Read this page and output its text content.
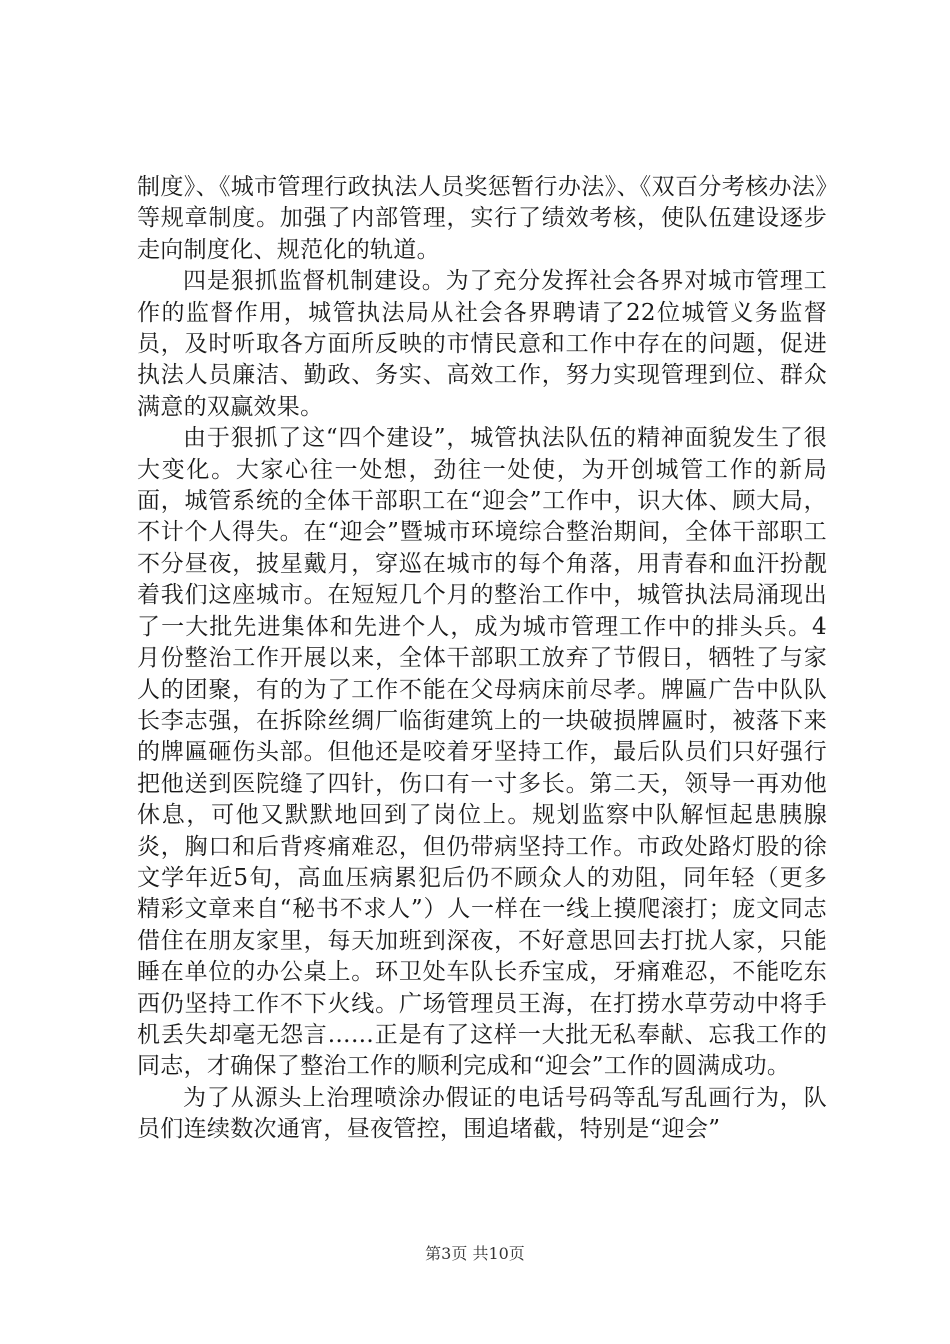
制度》、《城市管理行政执法人员奖惩暂行办法》、《双百分考核办法》等规章制度。加强了内部管理，实行了绩效考核，使队伍建设逐步走向制度化、规范化的轨道。

四是狠抓监督机制建设。为了充分发挥社会各界对城市管理工作的监督作用，城管执法局从社会各界聘请了22位城管义务监督员，及时听取各方面所反映的市情民意和工作中存在的问题，促进执法人员廉洁、勤政、务实、高效工作，努力实现管理到位、群众满意的双赢效果。

由于狠抓了这“四个建设”，城管执法队伍的精神面貌发生了很大变化。大家心往一处想，劲往一处使，为开创城管工作的新局面，城管系统的全体干部职工在“迎会”工作中，识大体、顾大局，不计个人得失。在“迎会”暨城市环境综合整治期间，全体干部职工不分昼夜，披星戴月，穿巡在城市的每个角落，用青春和血汗扮靓着我们这座城市。在短短几个月的整治工作中，城管执法局涌现出了一大批先进集体和先进个人，成为城市管理工作中的排头兵。4月份整治工作开展以来，全体干部职工放弃了节假日，牺牲了与家人的团聚，有的为了工作不能在父母病床前尽孝。牌匾广告中队队长李志强，在拆除丝绸厂临街建筑上的一块破损牌匾时，被落下来的牌匾砸伤头部。但他还是咬着牙坚持工作，最后队员们只好强行把他送到医院缝了四针，伤口有一寸多长。第二天，领导一再劝他休息，可他又默默地回到了岗位上。规划监察中队解恒起患胰腺炎，胸口和后背疼痛难忍，但仍带病坚持工作。市政处路灯股的徐文学年近5旬，高血压病累犯后仍不顾众人的劝阻，同年轻（更多精彩文章来自“秘书不求人”）人一样在一线上摸爬滚打；庞文同志借住在朋友家里，每天加班到深夜，不好意思回去打扰人家，只能睡在单位的办公桌上。环卫处车队长乔宝成，牙痛难忍，不能吃东西仍坚持工作不下火线。广场管理员王海，在打捞水草劳动中将手机丢失却毫无怨言……正是有了这样一大批无私奉献、忘我工作的同志，才确保了整治工作的顺利完成和“迎会”工作的圆满成功。

为了从源头上治理喷涂办假证的电话号码等乱写乱画行为，队员们连续数次通宵，昼夜管控，围追堵截，特别是“迎会”

第3页 共10页
